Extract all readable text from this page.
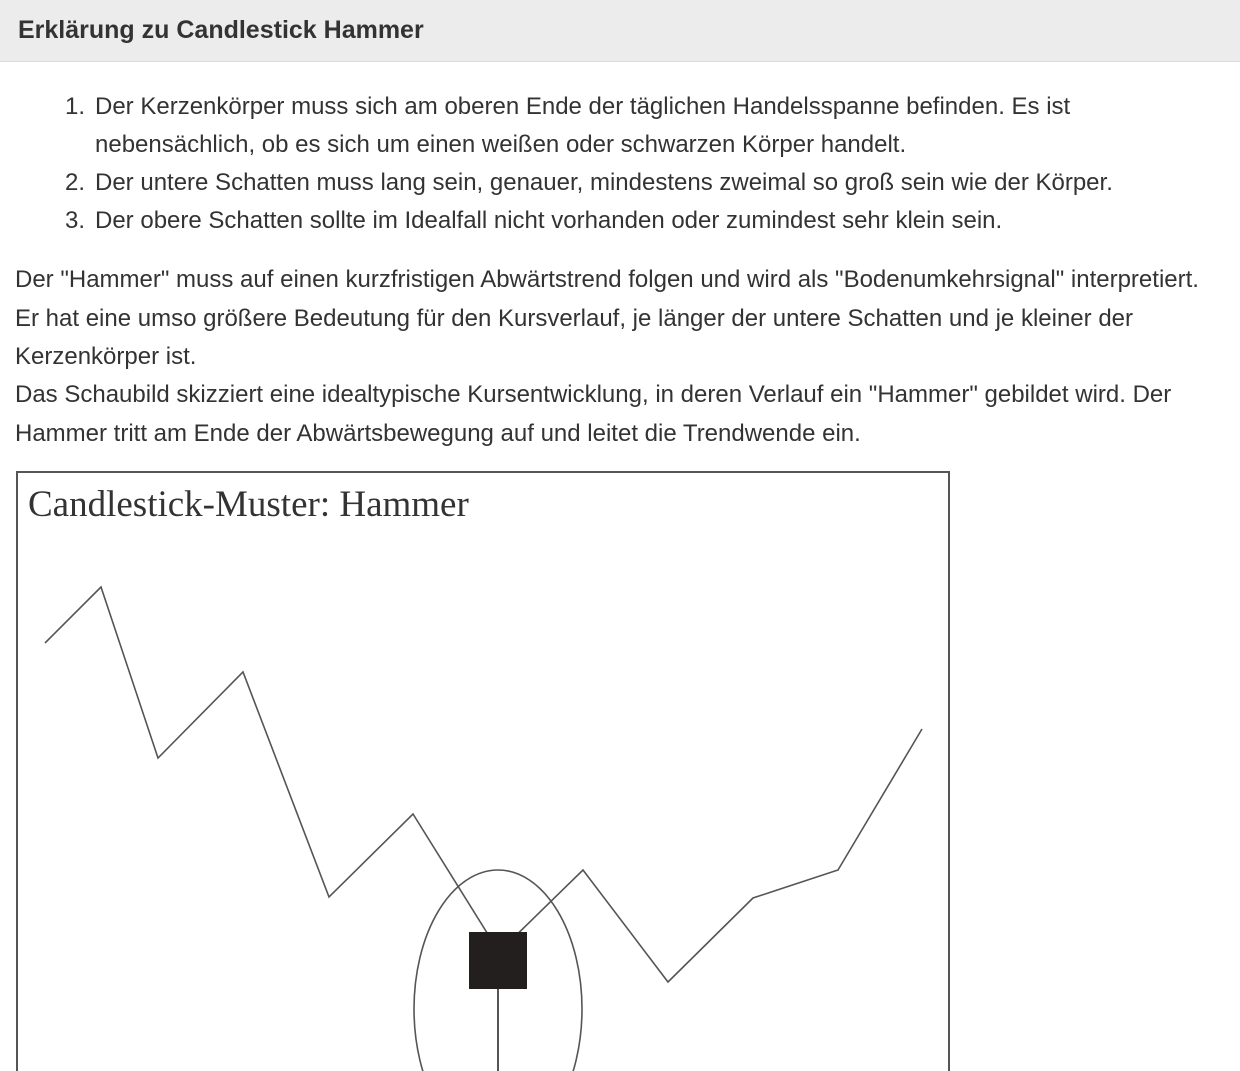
Erklärung zu Candlestick Hammer
1. Der Kerzenkörper muss sich am oberen Ende der täglichen Handelsspanne befinden. Es ist nebensächlich, ob es sich um einen weißen oder schwarzen Körper handelt.
2. Der untere Schatten muss lang sein, genauer, mindestens zweimal so groß sein wie der Körper.
3. Der obere Schatten sollte im Idealfall nicht vorhanden oder zumindest sehr klein sein.

Der "Hammer" muss auf einen kurzfristigen Abwärtstrend folgen und wird als "Bodenumkehrsignal" interpretiert. Er hat eine umso größere Bedeutung für den Kursverlauf, je länger der untere Schatten und je kleiner der Kerzenkörper ist.

Das Schaubild skizziert eine idealtypische Kursentwicklung, in deren Verlauf ein "Hammer" gebildet wird. Der Hammer tritt am Ende der Abwärtsbewegung auf und leitet die Trendwende ein.

Candlestick-Muster: Hammer
